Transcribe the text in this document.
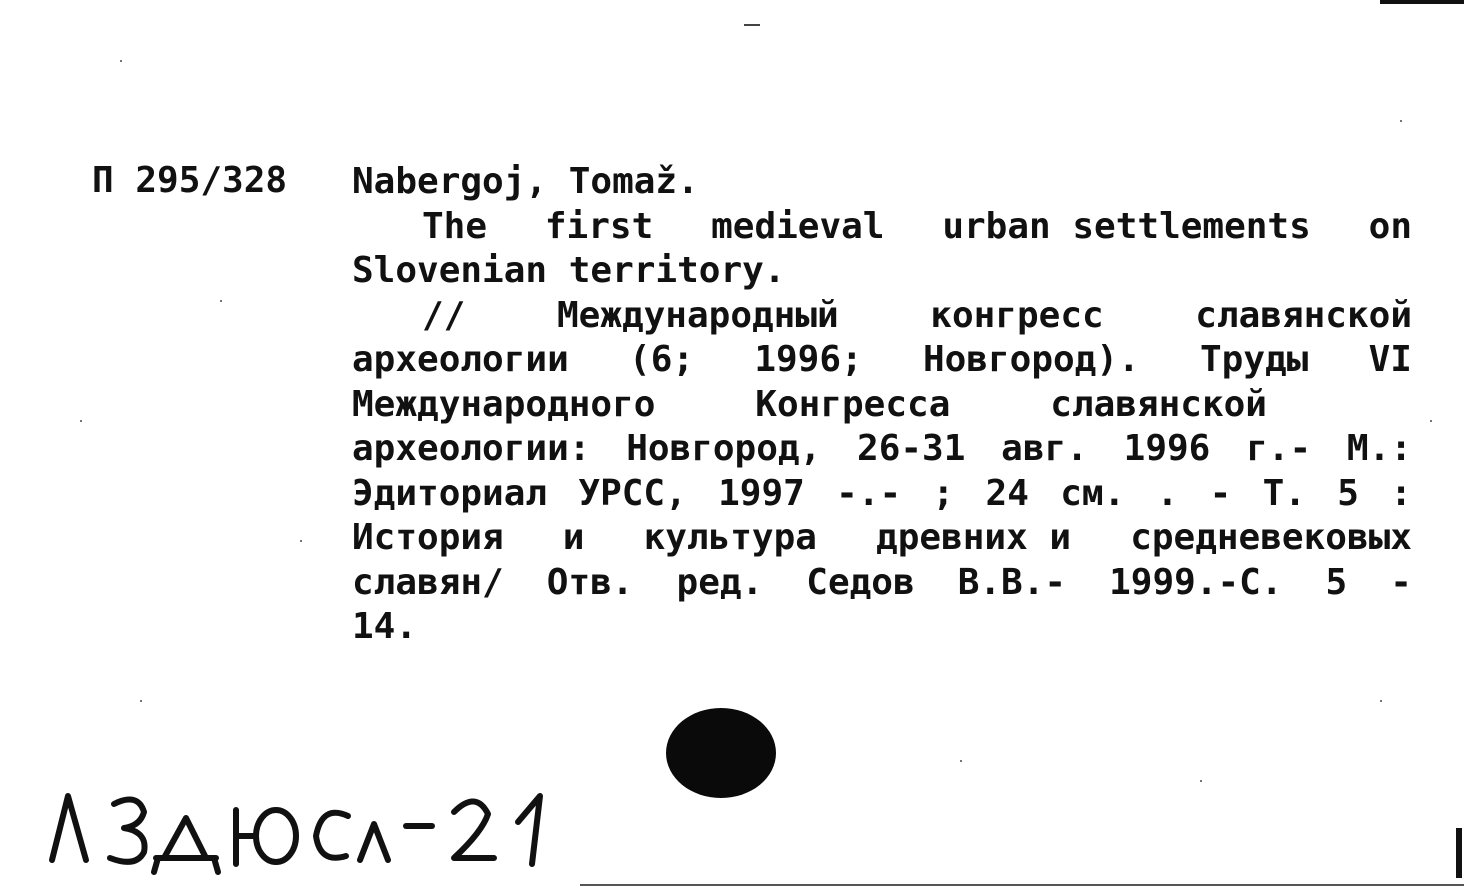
П 295/328 Nabergoj, Tomaž.
The first medieval urban settlements on
Slovenian territory.
//	Международный	конгресс	славянской
археологии (6; 1996; Новгород). Труды VI
Международного	Конгресса	славянской
археологии: Новгород, 26-31 авг. 1996 г.- М.:
Эдиториал УРСС, 1997 -.- ; 24 см. . - Т. 5 :
История и культура древних и средневековых
славян/ Отв. ред. Седов В.В.- 1999.-С. 5 -
14.
